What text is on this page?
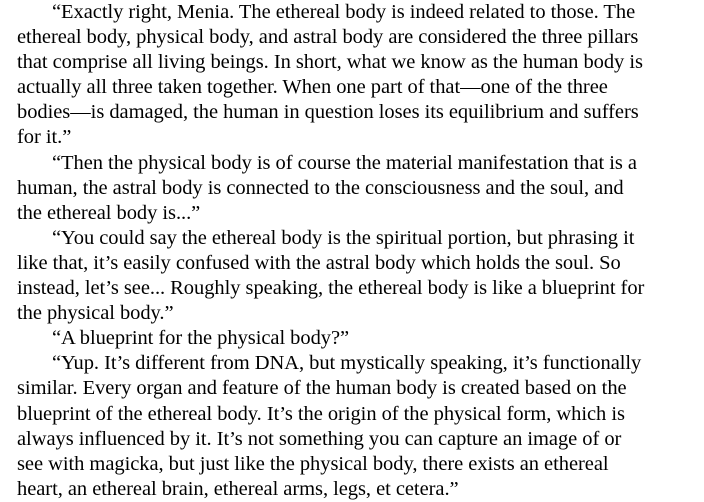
“Exactly right, Menia. The ethereal body is indeed related to those. The
ethereal body, physical body, and astral body are considered the three pillars
that comprise all living beings. In short, what we know as the human body is
actually all three taken together. When one part of that—one of the three
bodies—is damaged, the human in question loses its equilibrium and suffers
for it.”
“Then the physical body is of course the material manifestation that is a
human, the astral body is connected to the consciousness and the soul, and
the ethereal body is...”
“You could say the ethereal body is the spiritual portion, but phrasing it
like that, it’s easily confused with the astral body which holds the soul. So
instead, let’s see... Roughly speaking, the ethereal body is like a blueprint for
the physical body.”
“A blueprint for the physical body?”
“Yup. It’s different from DNA, but mystically speaking, it’s functionally
similar. Every organ and feature of the human body is created based on the
blueprint of the ethereal body. It’s the origin of the physical form, which is
always influenced by it. It’s not something you can capture an image of or
see with magicka, but just like the physical body, there exists an ethereal
heart, an ethereal brain, ethereal arms, legs, et cetera.”
